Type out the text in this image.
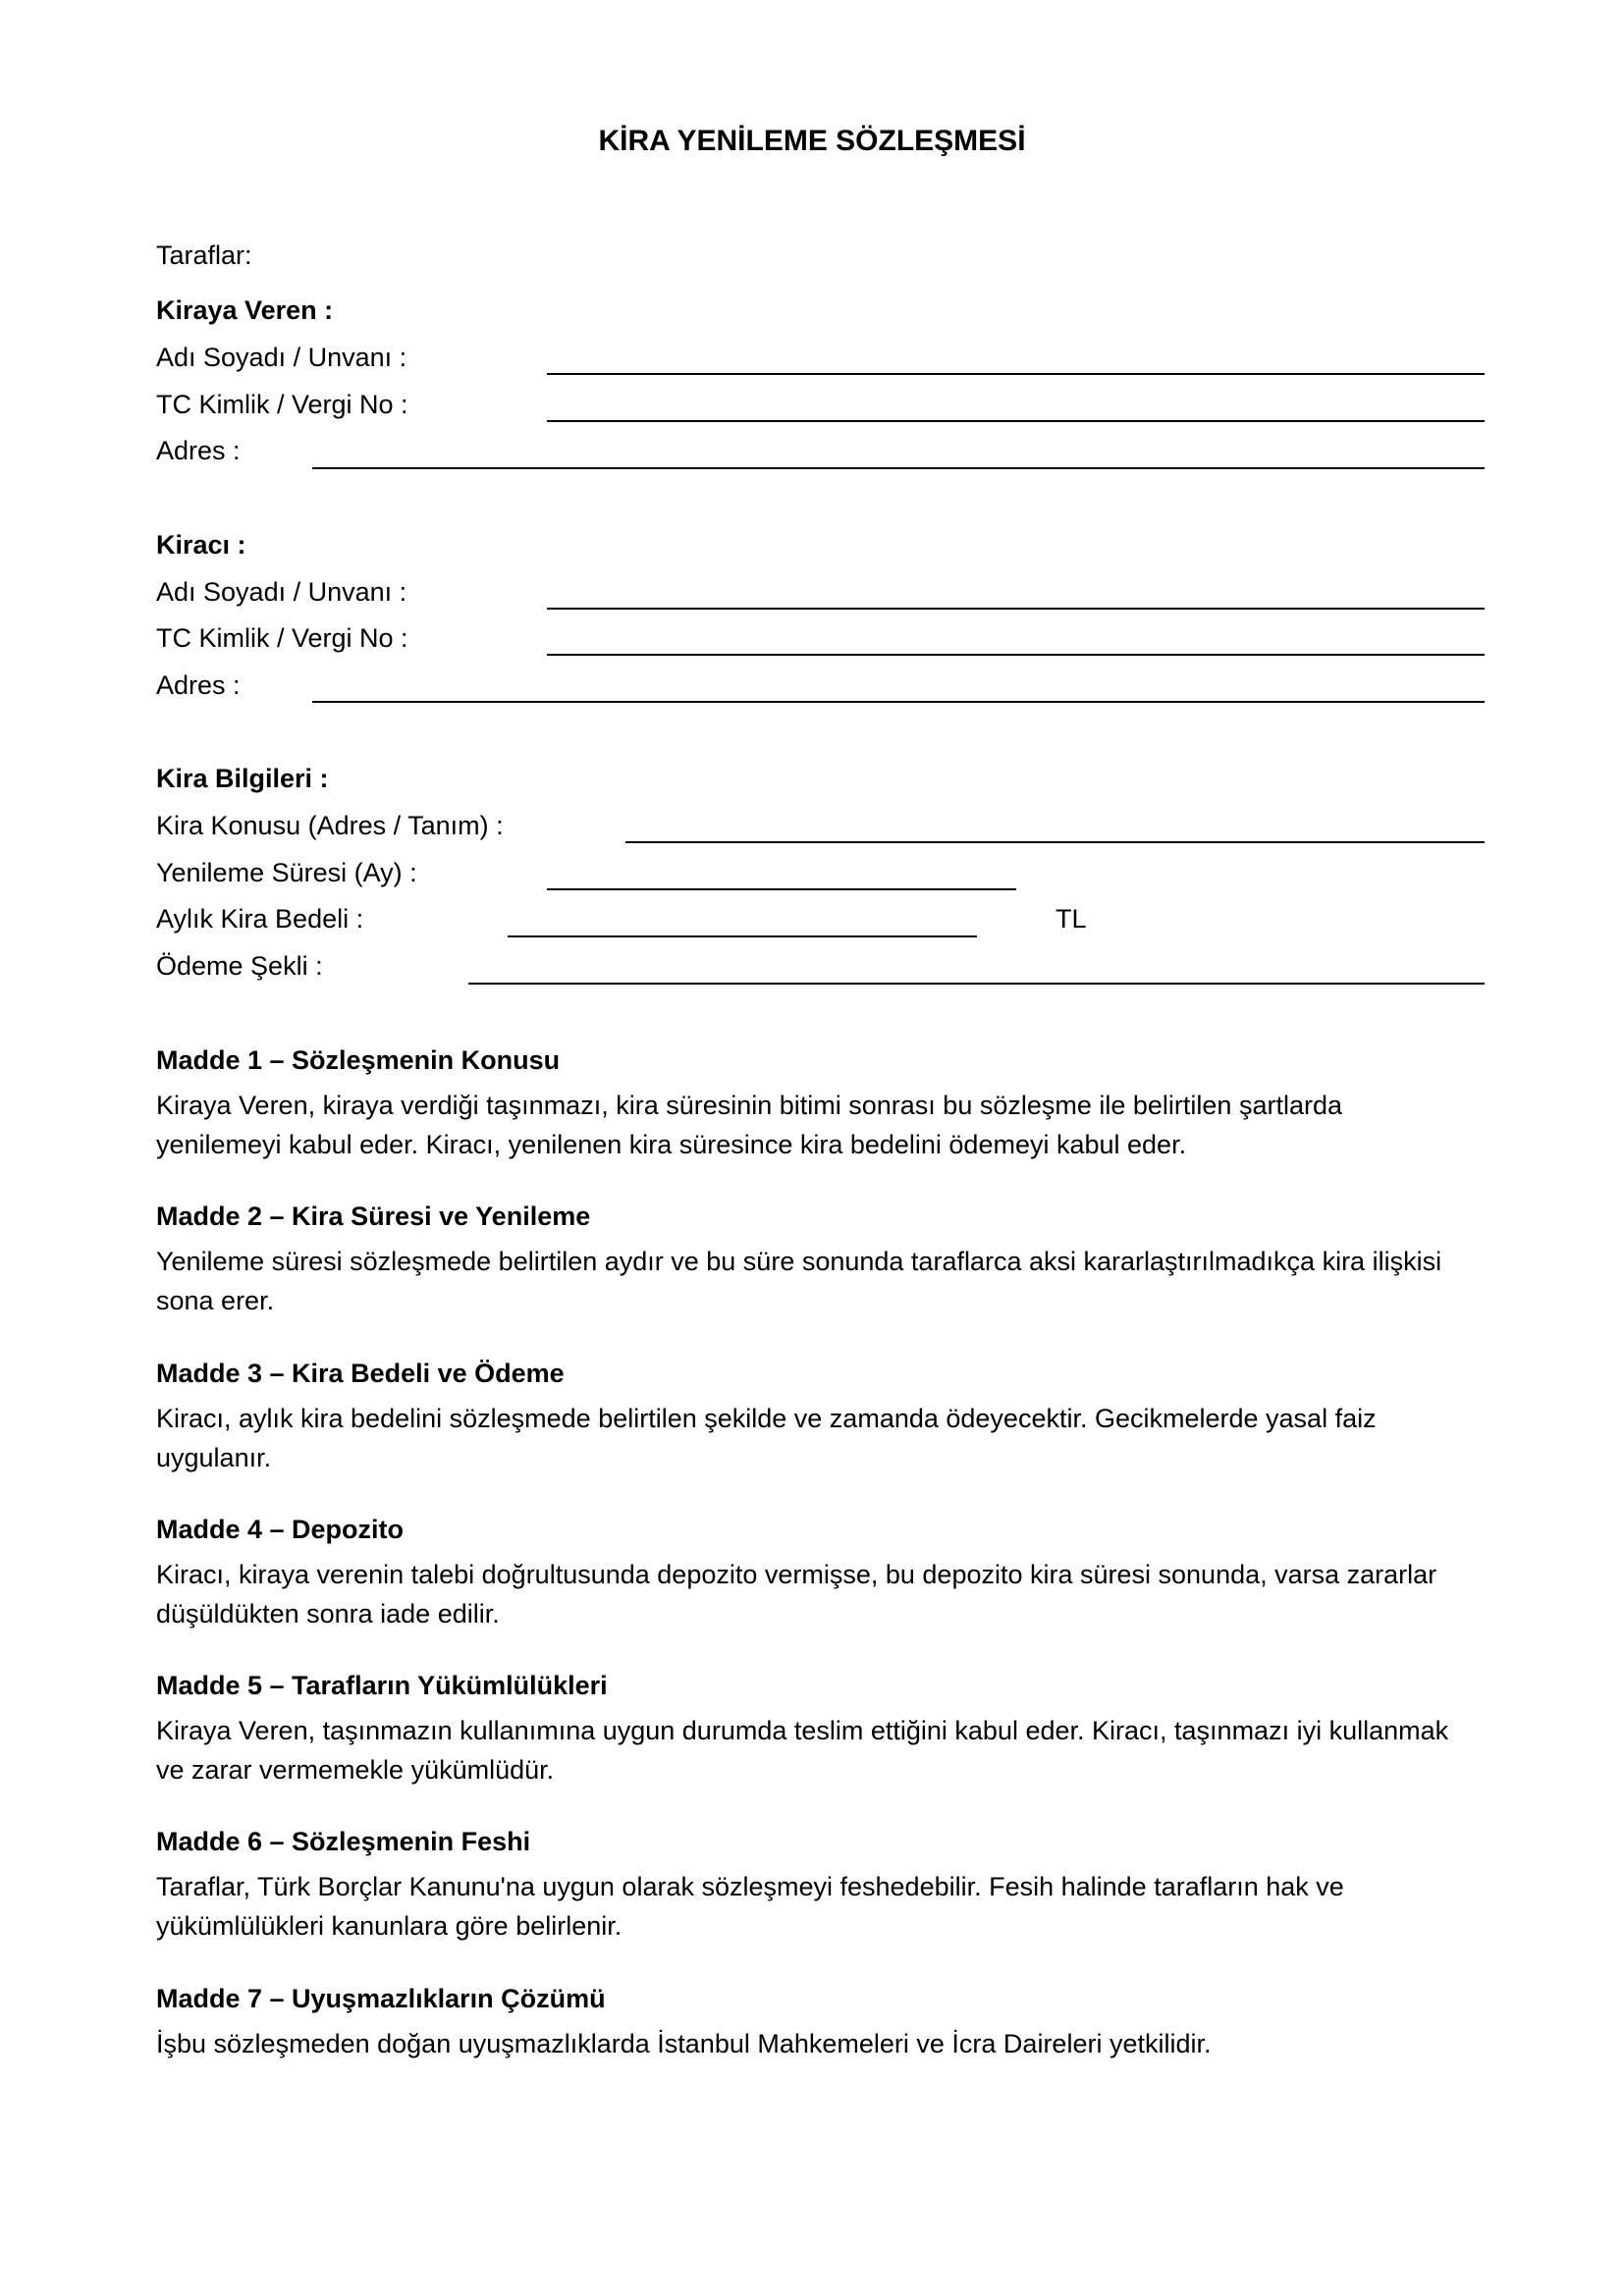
KİRA YENİLEME SÖZLEŞMESİ
Taraflar:
Kiraya Veren :
Adı Soyadı / Unvanı :
TC Kimlik / Vergi No :
Adres :
Kiracı :
Adı Soyadı / Unvanı :
TC Kimlik / Vergi No :
Adres :
Kira Bilgileri :
Kira Konusu (Adres / Tanım) :
Yenileme Süresi (Ay) :
Aylık Kira Bedeli :	TL
Ödeme Şekli :
Madde 1 – Sözleşmenin Konusu
Kiraya Veren, kiraya verdiği taşınmazı, kira süresinin bitimi sonrası bu sözleşme ile belirtilen şartlarda yenilemeyi kabul eder. Kiracı, yenilenen kira süresince kira bedelini ödemeyi kabul eder.
Madde 2 – Kira Süresi ve Yenileme
Yenileme süresi sözleşmede belirtilen aydır ve bu süre sonunda taraflarca aksi kararlaştırılmadıkça kira ilişkisi sona erer.
Madde 3 – Kira Bedeli ve Ödeme
Kiracı, aylık kira bedelini sözleşmede belirtilen şekilde ve zamanda ödeyecektir. Gecikmelerde yasal faiz uygulanır.
Madde 4 – Depozito
Kiracı, kiraya verenin talebi doğrultusunda depozito vermişse, bu depozito kira süresi sonunda, varsa zararlar düşüldükten sonra iade edilir.
Madde 5 – Tarafların Yükümlülükleri
Kiraya Veren, taşınmazın kullanımına uygun durumda teslim ettiğini kabul eder. Kiracı, taşınmazı iyi kullanmak ve zarar vermemekle yükümlüdür.
Madde 6 – Sözleşmenin Feshi
Taraflar, Türk Borçlar Kanunu'na uygun olarak sözleşmeyi feshedebilir. Fesih halinde tarafların hak ve yükümlülükleri kanunlara göre belirlenir.
Madde 7 – Uyuşmazlıkların Çözümü
İşbu sözleşmeden doğan uyuşmazlıklarda İstanbul Mahkemeleri ve İcra Daireleri yetkilidir.
